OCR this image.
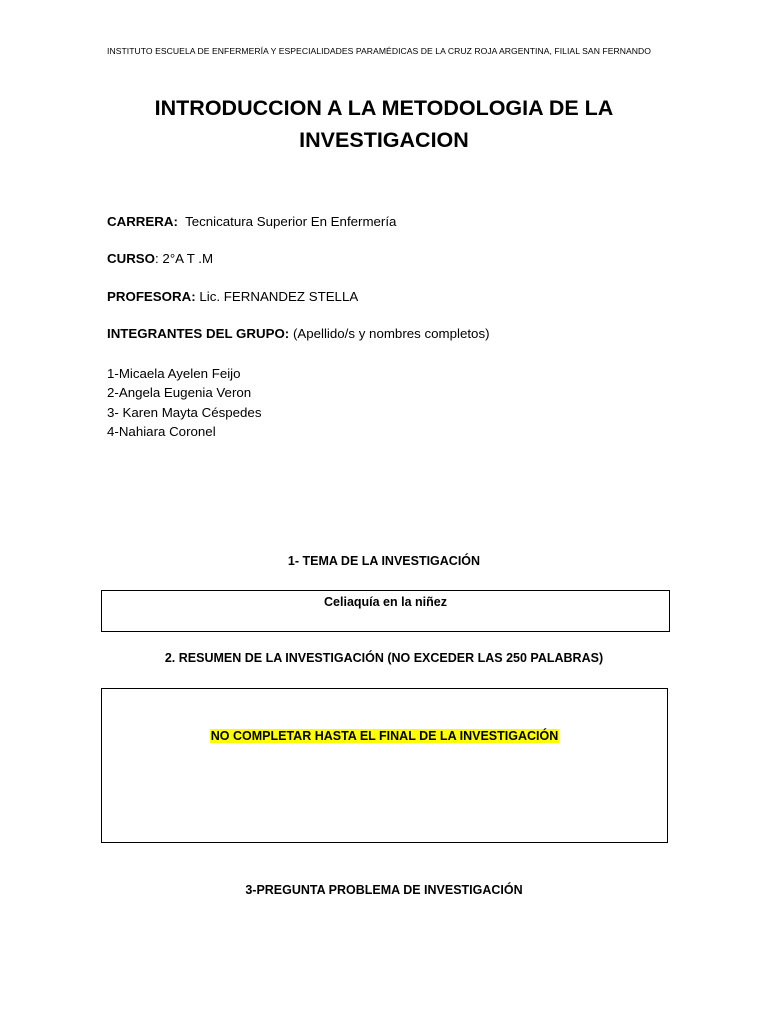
INSTITUTO ESCUELA DE ENFERMERÍA Y ESPECIALIDADES PARAMÉDICAS DE LA CRUZ ROJA ARGENTINA, FILIAL SAN FERNANDO
INTRODUCCION A LA METODOLOGIA DE LA
INVESTIGACION
CARRERA: Tecnicatura Superior En Enfermería
CURSO: 2°A T .M
PROFESORA: Lic. FERNANDEZ STELLA
INTEGRANTES DEL GRUPO: (Apellido/s y nombres completos)
1-Micaela Ayelen Feijo
2-Angela Eugenia Veron
3- Karen Mayta Céspedes
4-Nahiara Coronel
1- TEMA DE LA INVESTIGACIÓN
Celiaquía en la niñez
2. RESUMEN DE LA INVESTIGACIÓN (NO EXCEDER LAS 250 PALABRAS)
NO COMPLETAR HASTA EL FINAL DE LA INVESTIGACIÓN
3-PREGUNTA PROBLEMA DE INVESTIGACIÓN
